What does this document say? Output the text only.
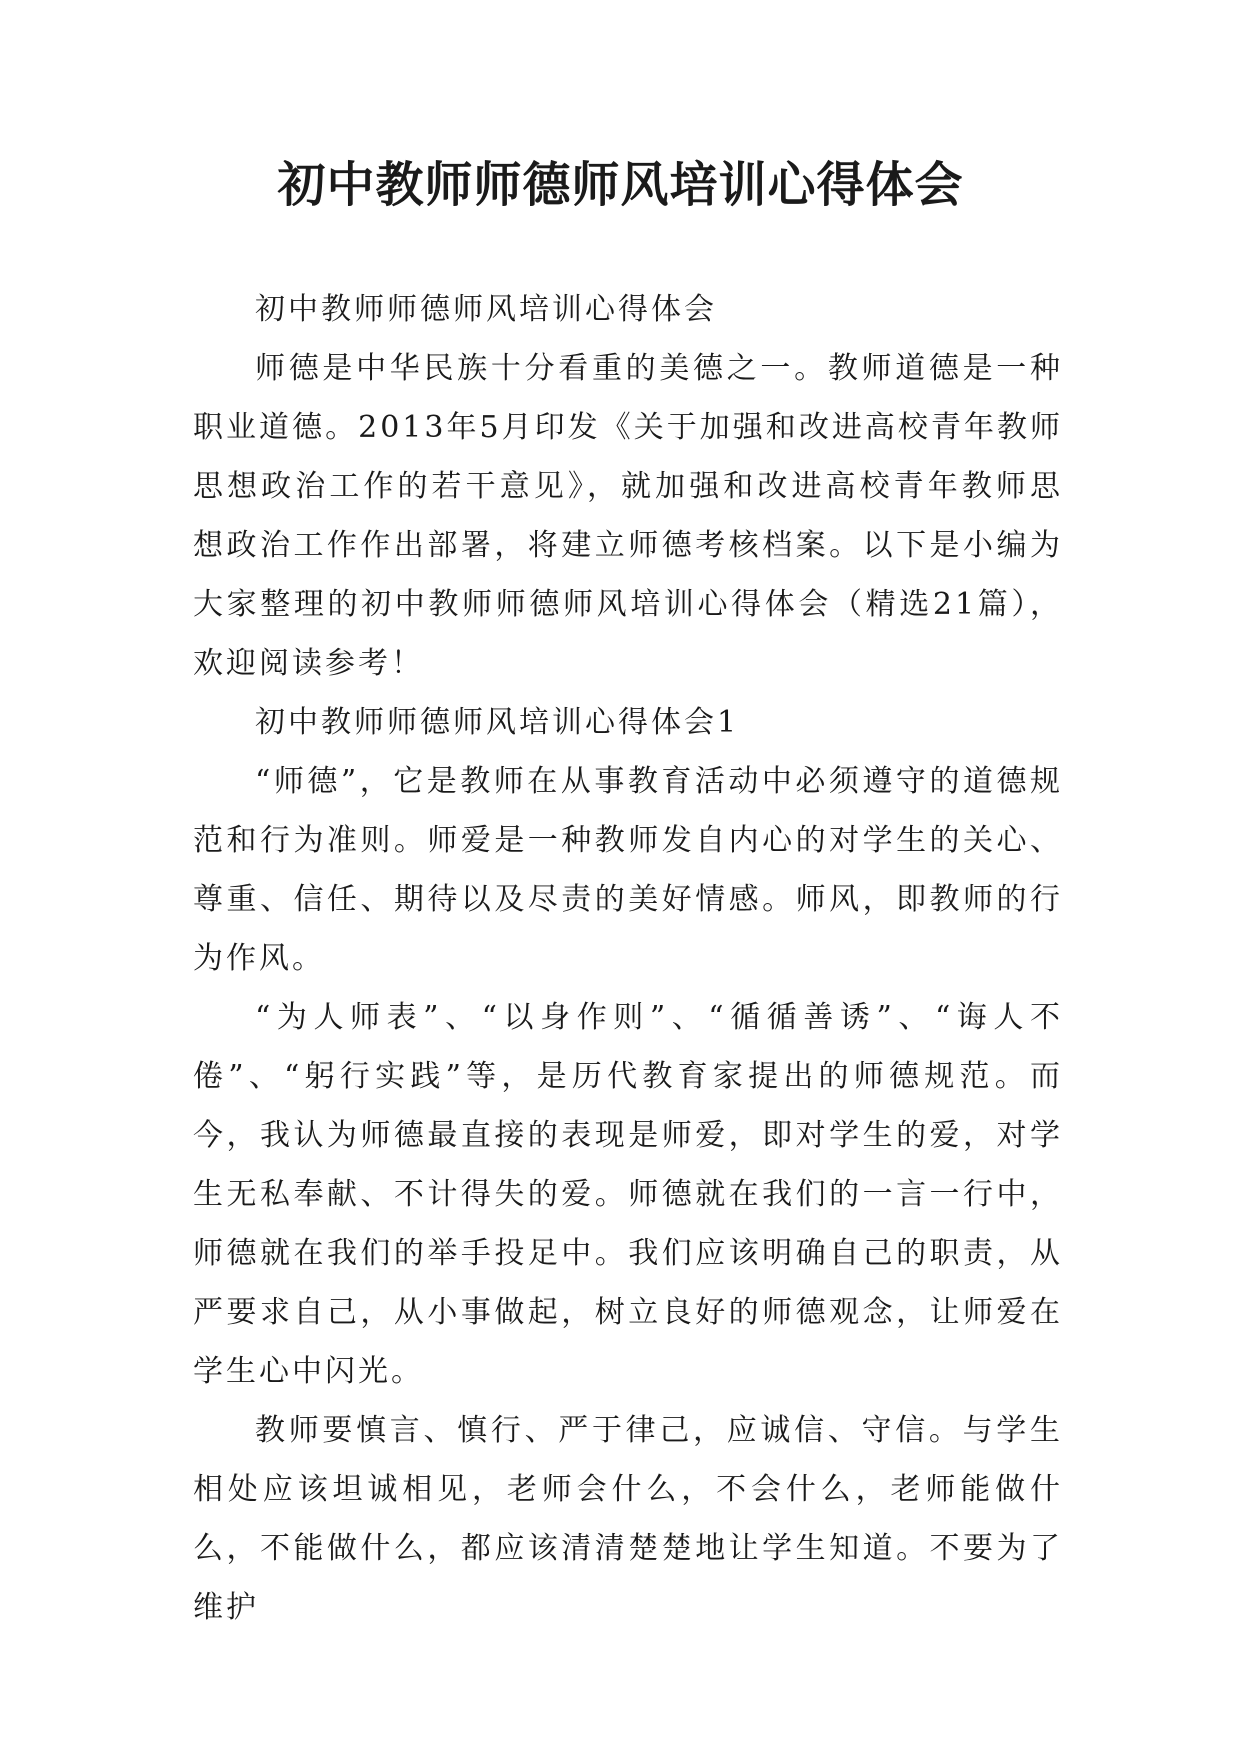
初中教师师德师风培训心得体会

初中教师师德师风培训心得体会

师德是中华民族十分看重的美德之一。教师道德是一种职业道德。2013年5月印发《关于加强和改进高校青年教师思想政治工作的若干意见》，就加强和改进高校青年教师思想政治工作作出部署，将建立师德考核档案。以下是小编为大家整理的初中教师师德师风培训心得体会（精选21篇），欢迎阅读参考！

初中教师师德师风培训心得体会1

“师德”，它是教师在从事教育活动中必须遵守的道德规范和行为准则。师爱是一种教师发自内心的对学生的关心、尊重、信任、期待以及尽责的美好情感。师风，即教师的行为作风。

“为人师表”、“以身作则”、“循循善诱”、“诲人不倦”、“躬行实践”等，是历代教育家提出的师德规范。而今，我认为师德最直接的表现是师爱，即对学生的爱，对学生无私奉献、不计得失的爱。师德就在我们的一言一行中，师德就在我们的举手投足中。我们应该明确自己的职责，从严要求自己，从小事做起，树立良好的师德观念，让师爱在学生心中闪光。

教师要慎言、慎行、严于律己，应诚信、守信。与学生相处应该坦诚相见，老师会什么，不会什么，老师能做什么，不能做什么，都应该清清楚楚地让学生知道。不要为了维护
